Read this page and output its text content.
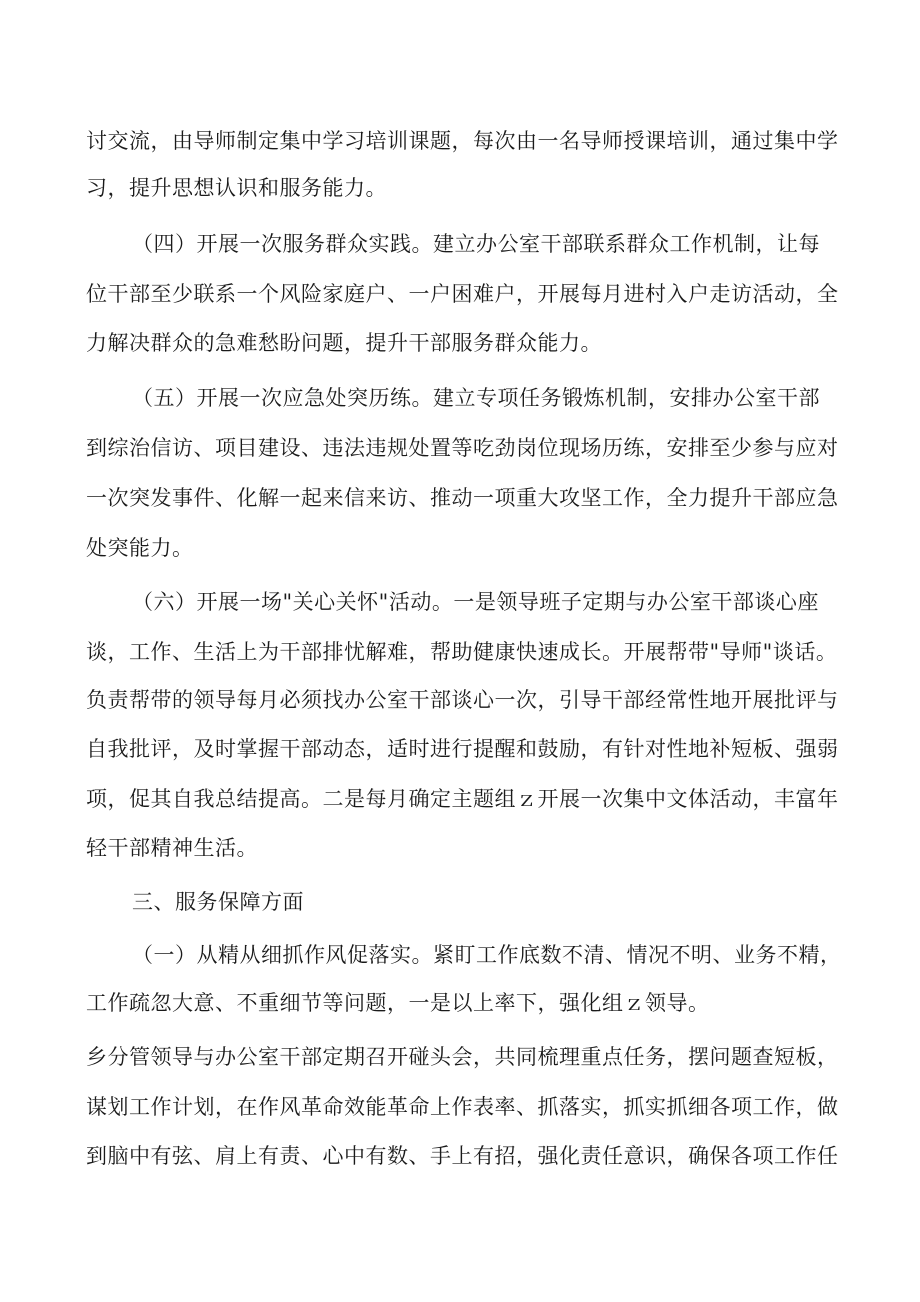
讨交流，由导师制定集中学习培训课题，每次由一名导师授课培训，通过集中学
习，提升思想认识和服务能力。
（四）开展一次服务群众实践。建立办公室干部联系群众工作机制，让每
位干部至少联系一个风险家庭户、一户困难户，开展每月进村入户走访活动，全
力解决群众的急难愁盼问题，提升干部服务群众能力。
（五）开展一次应急处突历练。建立专项任务锻炼机制，安排办公室干部
到综治信访、项目建设、违法违规处置等吃劲岗位现场历练，安排至少参与应对
一次突发事件、化解一起来信来访、推动一项重大攻坚工作，全力提升干部应急
处突能力。
（六）开展一场"关心关怀"活动。一是领导班子定期与办公室干部谈心座
谈，工作、生活上为干部排忧解难，帮助健康快速成长。开展帮带"导师"谈话。
负责帮带的领导每月必须找办公室干部谈心一次，引导干部经常性地开展批评与
自我批评，及时掌握干部动态，适时进行提醒和鼓励，有针对性地补短板、强弱
项，促其自我总结提高。二是每月确定主题组ｚ开展一次集中文体活动，丰富年
轻干部精神生活。
三、服务保障方面
（一）从精从细抓作风促落实。紧盯工作底数不清、情况不明、业务不精，
工作疏忽大意、不重细节等问题，一是以上率下，强化组ｚ领导。
乡分管领导与办公室干部定期召开碰头会，共同梳理重点任务，摆问题查短板，
谋划工作计划，在作风革命效能革命上作表率、抓落实，抓实抓细各项工作，做
到脑中有弦、肩上有责、心中有数、手上有招，强化责任意识，确保各项工作任
